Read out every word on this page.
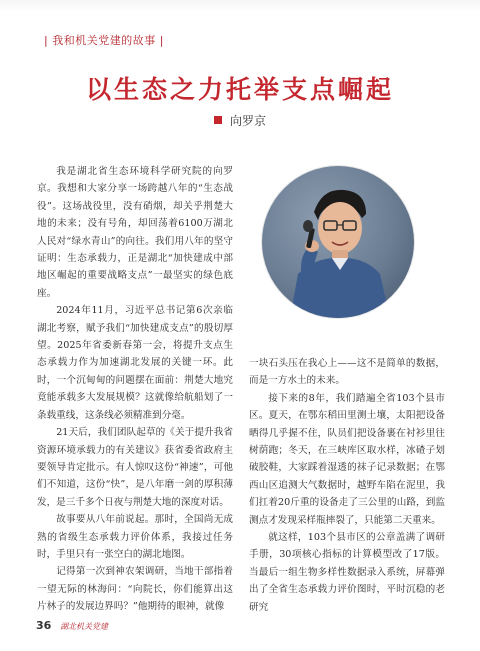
| 我和机关党建的故事 |
以生态之力托举支点崛起
向罗京

我是湖北省生态环境科学研究院的向罗京。我想和大家分享一场跨越八年的“生态战役”。这场战役里，没有硝烟，却关乎荆楚大地的未来；没有号角，却回荡着6100万湖北人民对“绿水青山”的向往。我们用八年的坚守证明：生态承载力，正是湖北“加快建成中部地区崛起的重要战略支点”一最坚实的绿色底座。

2024年11月，习近平总书记第6次亲临湖北考察，赋予我们“加快建成支点”的殷切厚望。2025年省委新春第一会，将提升支点生态承载力作为加速湖北发展的关键一环。此时，一个沉甸甸的问题摆在面前：荆楚大地究竟能承载多大发展规模？这就像给航船划了一条载重线，这条线必须精准到分毫。

21天后，我们团队起草的《关于提升我省资源环境承载力的有关建议》获省委省政府主要领导肯定批示。有人惊叹这份“神速”，可他们不知道，这份“快”，是八年磨一剑的厚积薄发，是三千多个日夜与荆楚大地的深度对话。

故事要从八年前说起。那时，全国尚无成熟的省级生态承载力评价体系，我接过任务时，手里只有一张空白的湖北地图。

记得第一次到神农架调研，当地干部指着一望无际的林海问：“向院长，你们能算出这片林子的发展边界吗？”他期待的眼神，就像

一块石头压在我心上——这不是简单的数据，而是一方水土的未来。

接下来的8年，我们踏遍全省103个县市区。夏天，在鄂东稻田里测土壤，太阳把设备晒得几乎握不住，队员们把设备裹在衬衫里往树荫跑；冬天，在三峡库区取水样，冰碴子划破胶鞋，大家踩着湿透的袜子记录数据；在鄂西山区追测大气数据时，越野车陷在泥里，我们扛着20斤重的设备走了三公里的山路，到监测点才发现采样瓶摔裂了，只能第二天重来。

就这样，103个县市区的公章盖满了调研手册，30项核心指标的计算模型改了17版。当最后一组生物多样性数据录入系统，屏幕弹出了全省生态承载力评价图时，平时沉稳的老研究

36 湖北机关党建
